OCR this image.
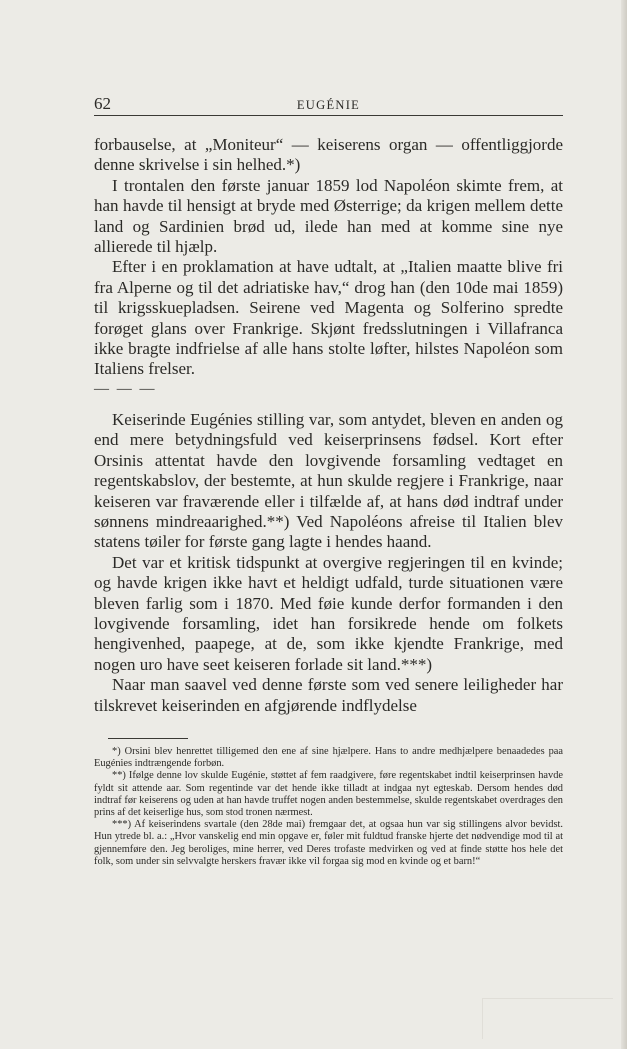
62	EUGÉNIE

forbauselse, at „Moniteur“ — keiserens organ — offentliggjorde denne skrivelse i sin helhed.*)

I trontalen den første januar 1859 lod Napoléon skimte frem, at han havde til hensigt at bryde med Østerrige; da krigen mellem dette land og Sardinien brød ud, ilede han med at komme sine nye allierede til hjælp.

Efter i en proklamation at have udtalt, at „Italien maatte blive fri fra Alperne og til det adriatiske hav,“ drog han (den 10de mai 1859) til krigsskuepladsen. Seirene ved Magenta og Solferino spredte forøget glans over Frankrige. Skjønt fredsslutningen i Villafranca ikke bragte indfrielse af alle hans stolte løfter, hilstes Napoléon som Italiens frelser.

— — —

Keiserinde Eugénies stilling var, som antydet, bleven en anden og end mere betydningsfuld ved keiserprinsens fødsel. Kort efter Orsinis attentat havde den lovgivende forsamling vedtaget en regentskabslov, der bestemte, at hun skulde regjere i Frankrige, naar keiseren var fraværende eller i tilfælde af, at hans død indtraf under sønnens mindreaarighed.**) Ved Napoléons afreise til Italien blev statens tøiler for første gang lagte i hendes haand.

Det var et kritisk tidspunkt at overgive regjeringen til en kvinde; og havde krigen ikke havt et heldigt udfald, turde situationen være bleven farlig som i 1870. Med føie kunde derfor formanden i den lovgivende forsamling, idet han forsikrede hende om folkets hengivenhed, paapege, at de, som ikke kjendte Frankrige, med nogen uro have seet keiseren forlade sit land.***)

Naar man saavel ved denne første som ved senere leiligheder har tilskrevet keiserinden en afgjørende indflydelse

*) Orsini blev henrettet tilligemed den ene af sine hjælpere. Hans to andre medhjælpere benaadedes paa Eugénies indtrængende forbøn.

**) Ifølge denne lov skulde Eugénie, støttet af fem raadgivere, føre regentskabet indtil keiserprinsen havde fyldt sit attende aar. Som regentinde var det hende ikke tilladt at indgaa nyt egteskab. Dersom hendes død indtraf før keiserens og uden at han havde truffet nogen anden bestemmelse, skulde regentskabet overdrages den prins af det keiserlige hus, som stod tronen nærmest.

***) Af keiserindens svartale (den 28de mai) fremgaar det, at ogsaa hun var sig stillingens alvor bevidst. Hun ytrede bl. a.: „Hvor vanskelig end min opgave er, føler mit fuldtud franske hjerte det nødvendige mod til at gjennemføre den. Jeg beroliges, mine herrer, ved Deres trofaste medvirken og ved at finde støtte hos hele det folk, som under sin selvvalgte herskers fravær ikke vil forgaa sig mod en kvinde og et barn!“
